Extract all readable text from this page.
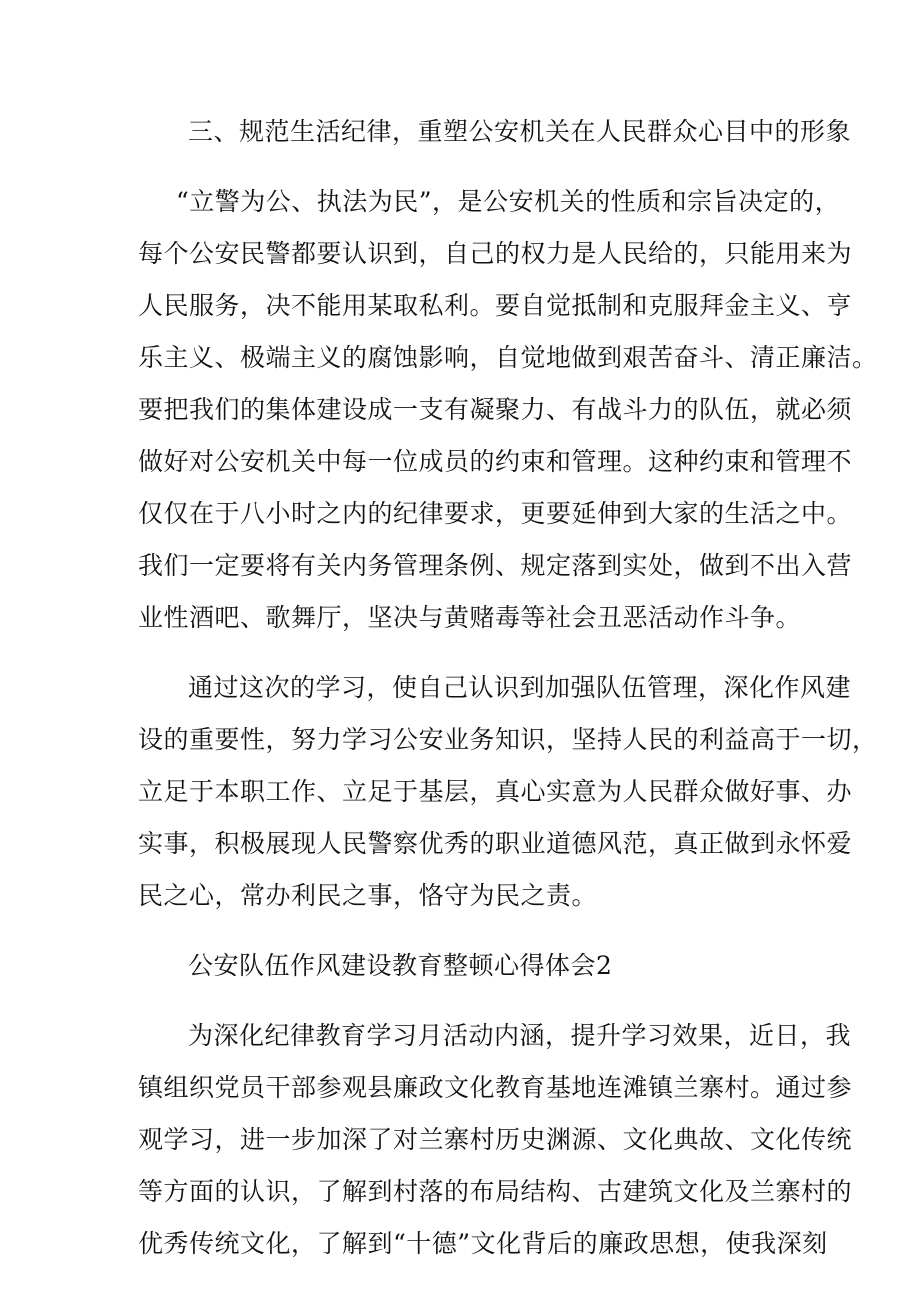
三、规范生活纪律，重塑公安机关在人民群众心目中的形象
“立警为公、执法为民”，是公安机关的性质和宗旨决定的，
每个公安民警都要认识到，自己的权力是人民给的，只能用来为
人民服务，决不能用某取私利。要自觉抵制和克服拜金主义、亨
乐主义、极端主义的腐蚀影响，自觉地做到艰苦奋斗、清正廉洁。
要把我们的集体建设成一支有凝聚力、有战斗力的队伍，就必须
做好对公安机关中每一位成员的约束和管理。这种约束和管理不
仅仅在于八小时之内的纪律要求，更要延伸到大家的生活之中。
我们一定要将有关内务管理条例、规定落到实处，做到不出入营
业性酒吧、歌舞厅，坚决与黄赌毒等社会丑恶活动作斗争。
通过这次的学习，使自己认识到加强队伍管理，深化作风建
设的重要性，努力学习公安业务知识，坚持人民的利益高于一切，
立足于本职工作、立足于基层，真心实意为人民群众做好事、办
实事，积极展现人民警察优秀的职业道德风范，真正做到永怀爱
民之心，常办利民之事，恪守为民之责。
公安队伍作风建设教育整顿心得体会2
为深化纪律教育学习月活动内涵，提升学习效果，近日，我
镇组织党员干部参观县廉政文化教育基地连滩镇兰寨村。通过参
观学习，进一步加深了对兰寨村历史渊源、文化典故、文化传统
等方面的认识，了解到村落的布局结构、古建筑文化及兰寨村的
优秀传统文化，了解到“十德”文化背后的廉政思想，使我深刻
